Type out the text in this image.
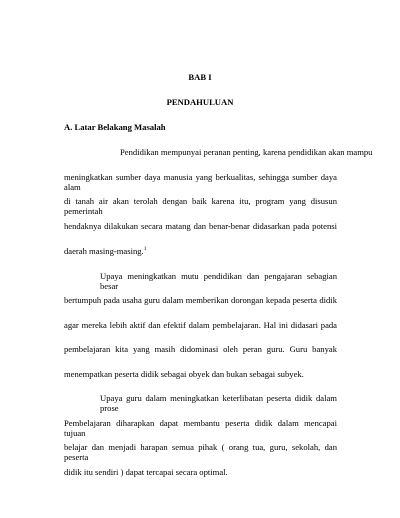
BAB I
PENDAHULUAN
A. Latar Belakang Masalah
Pendidikan mempunyai peranan penting, karena pendidikan akan mampu
meningkatkan sumber daya manusia yang berkualitas, sehingga sumber daya alam
di tanah air akan terolah dengan baik karena itu, program yang disusun pemerintah
hendaknya dilakukan secara matang dan benar-benar didasarkan pada potensi
daerah masing-masing.$^1$
Upaya meningkatkan mutu pendidikan dan pengajaran sebagian besar
bertumpuh pada usaha guru dalam memberikan dorongan kepada peserta didik
agar mereka lebih aktif dan efektif dalam pembelajaran. Hal ini didasari pada
pembelajaran kita yang masih didominasi oleh peran guru. Guru banyak
menempatkan peserta didik sebagai obyek dan bukan sebagai subyek.
Upaya guru dalam meningkatkan keterlibatan peserta didik dalam prose
Pembelajaran diharapkan dapat membantu peserta didik dalam mencapai tujuan
belajar dan menjadi harapan semua pihak ( orang tua, guru, sekolah, dan peserta
didik itu sendiri ) dapat tercapai secara optimal.
